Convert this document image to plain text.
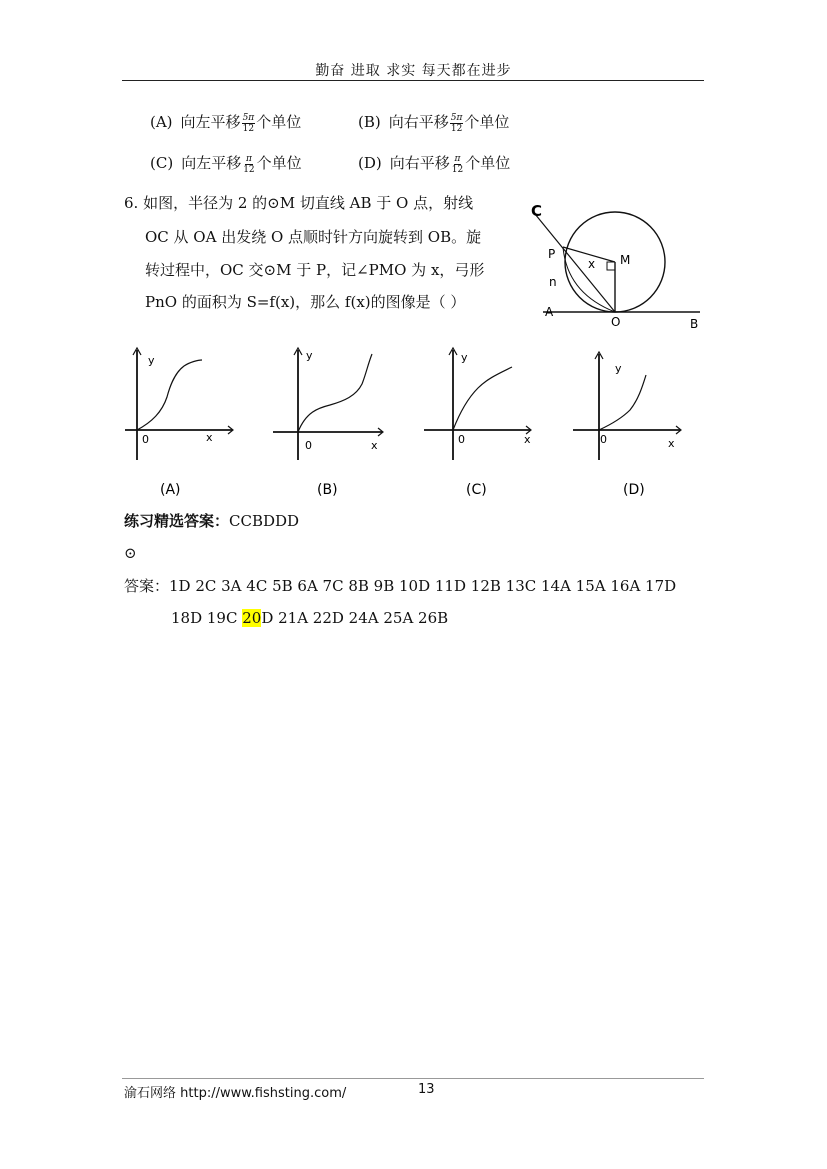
勤奋 进取 求实 每天都在进步
(A) 向左平移 $\frac{5\pi}{12}$ 个单位	(B) 向右平移 $\frac{5\pi}{12}$ 个单位
(C) 向左平移 $\frac{\pi}{12}$ 个单位	(D) 向右平移 $\frac{\pi}{12}$ 个单位
6. 如图，半径为 2 的⊙M 切直线 AB 于 O 点，射线
OC 从 OA 出发绕 O 点顺时针方向旋转到 OB。旋
转过程中，OC 交⊙M 于 P，记∠PMO 为 x，弓形
PnO 的面积为 S=f(x)，那么 f(x)的图像是（ ）
C
P
x M
n
A
O	B
y
0	x
(A)
y
0	x
(B)
y
0	x
(C)
y
0	x
(D)
练习精选答案：CCBDDD
⊙
答案：1D 2C 3A 4C 5B 6A 7C 8B 9B 10D 11D 12B 13C 14A 15A 16A 17D
18D 19C 20D 21A 22D 24A 25A 26B
渝石网络 http://www.fishsting.com/	13
